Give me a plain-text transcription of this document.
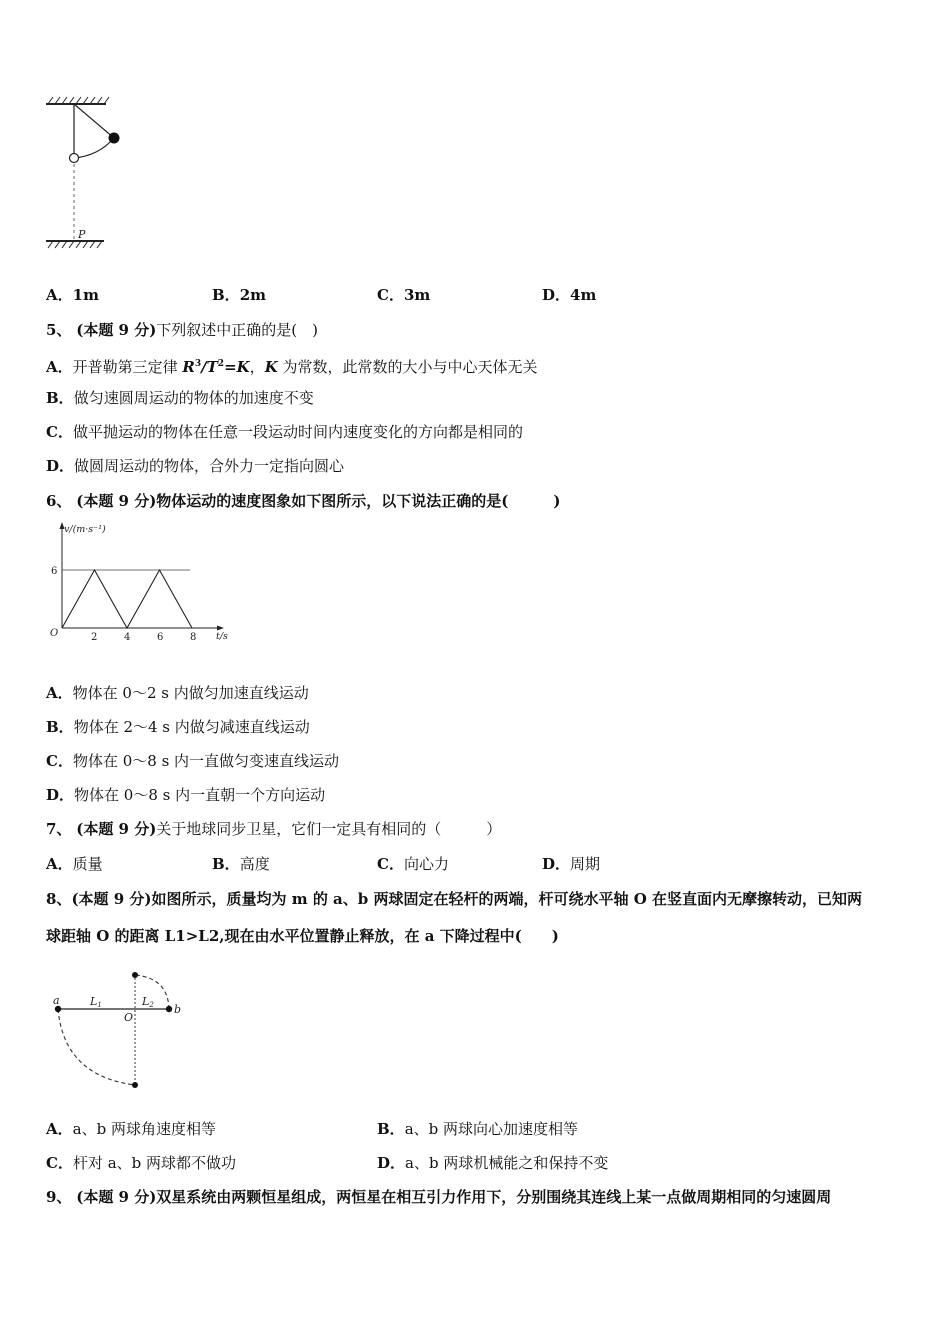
P
A．1m	B．2m	C．3m	D．4m
5、 (本题 9 分)下列叙述中正确的是(　)
A．开普勒第三定律 $R^3/T^2=K$，K 为常数，此常数的大小与中心天体无关
B．做匀速圆周运动的物体的加速度不变
C．做平抛运动的物体在任意一段运动时间内速度变化的方向都是相同的
D．做圆周运动的物体，合外力一定指向圆心
6、 (本题 9 分)物体运动的速度图象如下图所示，以下说法正确的是(　　　)
v/(m·s⁻¹)
t/s
O
6
2	4	6	8
A．物体在 0～2 s 内做匀加速直线运动
B．物体在 2～4 s 内做匀减速直线运动
C．物体在 0～8 s 内一直做匀变速直线运动
D．物体在 0～8 s 内一直朝一个方向运动
7、 (本题 9 分)关于地球同步卫星，它们一定具有相同的（　　　）
A．质量	B．高度	C．向心力	D．周期
8、(本题 9 分)如图所示，质量均为 m 的 a、b 两球固定在轻杆的两端，杆可绕水平轴 O 在竖直面内无摩擦转动，已知两
球距轴 O 的距离 L1>L2,现在由水平位置静止释放，在 a 下降过程中(　　)
a
b
O
L1	L2
A．a、b 两球角速度相等	B．a、b 两球向心加速度相等
C．杆对 a、b 两球都不做功	D．a、b 两球机械能之和保持不变
9、 (本题 9 分)双星系统由两颗恒星组成，两恒星在相互引力作用下，分别围绕其连线上某一点做周期相同的匀速圆周
